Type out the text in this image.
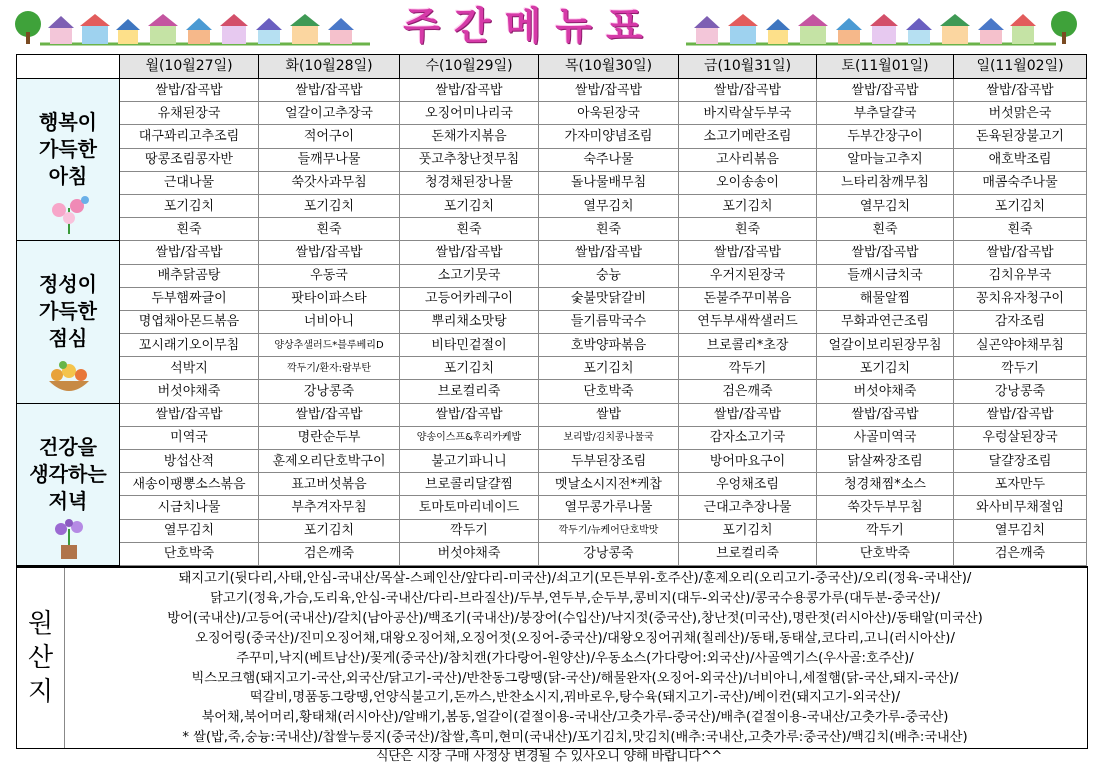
주간메뉴표
	월(10월27일)	화(10월28일)	수(10월29일)	목(10월30일)	금(10월31일)	토(11월01일)	일(11월02일)

행복이
가득한
아침	쌀밥/잡곡밥	쌀밥/잡곡밥	쌀밥/잡곡밥	쌀밥/잡곡밥	쌀밥/잡곡밥	쌀밥/잡곡밥	쌀밥/잡곡밥
	유채된장국	얼갈이고추장국	오징어미나리국	아욱된장국	바지락살두부국	부추달걀국	버섯맑은국
	대구꽈리고추조림	적어구이	돈채가지볶음	가자미양념조림	소고기메란조림	두부간장구이	돈육된장불고기
	땅콩조림콩자반	들깨무나물	풋고추창난젓무침	숙주나물	고사리볶음	알마늘고추지	애호박조림
	근대나물	쑥갓사과무침	청경채된장나물	돌나물배무침	오이송송이	느타리참깨무침	매콤숙주나물
	포기김치	포기김치	포기김치	열무김치	포기김치	열무김치	포기김치
	흰죽	흰죽	흰죽	흰죽	흰죽	흰죽	흰죽

정성이
가득한
점심	쌀밥/잡곡밥	쌀밥/잡곡밥	쌀밥/잡곡밥	쌀밥/잡곡밥	쌀밥/잡곡밥	쌀밥/잡곡밥	쌀밥/잡곡밥
	배추닭곰탕	우동국	소고기뭇국	숭늉	우거지된장국	들깨시금치국	김치유부국
	두부햄짜글이	팟타이파스타	고등어카레구이	숯불맛닭갈비	돈불주꾸미볶음	해물알찜	꽁치유자청구이
	명엽채아몬드볶음	너비아니	뿌리채소맛탕	들기름막국수	연두부새싹샐러드	무화과연근조림	감자조림
	꼬시래기오이무침	양상추샐러드*블루베리D	비타민겉절이	호박양파볶음	브로콜리*초장	얼갈이보리된장무침	실곤약야채무침
	석박지	깍두기/환자:람부탄	포기김치	포기김치	깍두기	포기김치	깍두기
	버섯야채죽	강낭콩죽	브로컬리죽	단호박죽	검은깨죽	버섯야채죽	강낭콩죽

건강을
생각하는
저녁	쌀밥/잡곡밥	쌀밥/잡곡밥	쌀밥/잡곡밥	쌀밥	쌀밥/잡곡밥	쌀밥/잡곡밥	쌀밥/잡곡밥
	미역국	명란순두부	양송이스프&후리카케밥	보리밥/김치콩나물국	감자소고기국	사골미역국	우렁살된장국
	방섭산적	훈제오리단호박구이	불고기파니니	두부된장조림	방어마요구이	닭살짜장조림	달걀장조림
	새송이팽뽕소스볶음	표고버섯볶음	브로콜리달걀찜	멧날소시지전*케찹	우엉채조림	청경채찜*소스	포자만두
	시금치나물	부추겨자무침	토마토마리네이드	열무콩가루나물	근대고추장나물	쑥갓두부무침	와사비무채절임
	열무김치	포기김치	깍두기	깍두기/뉴케어단호박맛	포기김치	깍두기	열무김치
	단호박죽	검은깨죽	버섯야채죽	강낭콩죽	브로컬리죽	단호박죽	검은깨죽
원
산
지
돼지고기(뒷다리,사태,안심-국내산/목살-스페인산/앞다리-미국산)/쇠고기(모든부위-호주산)/훈제오리(오리고기-중국산)/오리(정육-국내산)/
닭고기(정육,가슴,도리육,안심-국내산/다리-브라질산)/두부,연두부,순두부,콩비지(대두-외국산)/콩국수용콩가루(대두분-중국산)/
방어(국내산)/고등어(국내산)/갈치(남아공산)/백조기(국내산)/붕장어(수입산)/낙지젓(중국산),창난젓(미국산),명란젓(러시아산)/동태알(미국산)
오징어링(중국산)/진미오징어채,대왕오징어채,오징어젓(오징어-중국산)/대왕오징어귀채(칠레산)/동태,동태살,코다리,고니(러시아산)/
주꾸미,낙지(베트남산)/꽃게(중국산)/참치캔(가다랑어-원양산)/우동소스(가다랑어:외국산)/사골엑기스(우사골:호주산)/
빅스모크햄(돼지고기-국산,외국산/닭고기-국산)/반찬동그랑땡(닭-국산)/해물완자(오징어-외국산)/너비아니,세절햄(닭-국산,돼지-국산)/
떡갈비,명품동그랑땡,언양식불고기,돈까스,반찬소시지,꿔바로우,탕수육(돼지고기-국산)/베이컨(돼지고기-외국산)/
북어채,북어머리,황태채(러시아산)/알배기,봄동,얼갈이(겉절이용-국내산/고춧가루-중국산)/배추(겉절이용-국내산/고춧가루-중국산)
* 쌀(밥,죽,숭늉:국내산)/찹쌀누룽지(중국산)/찹쌀,흑미,현미(국내산)/포기김치,맛김치(배추:국내산,고춧가루:중국산)/백김치(배추:국내산)
식단은 시장 구매 사정상 변경될 수 있사오니 양해 바랍니다^^
